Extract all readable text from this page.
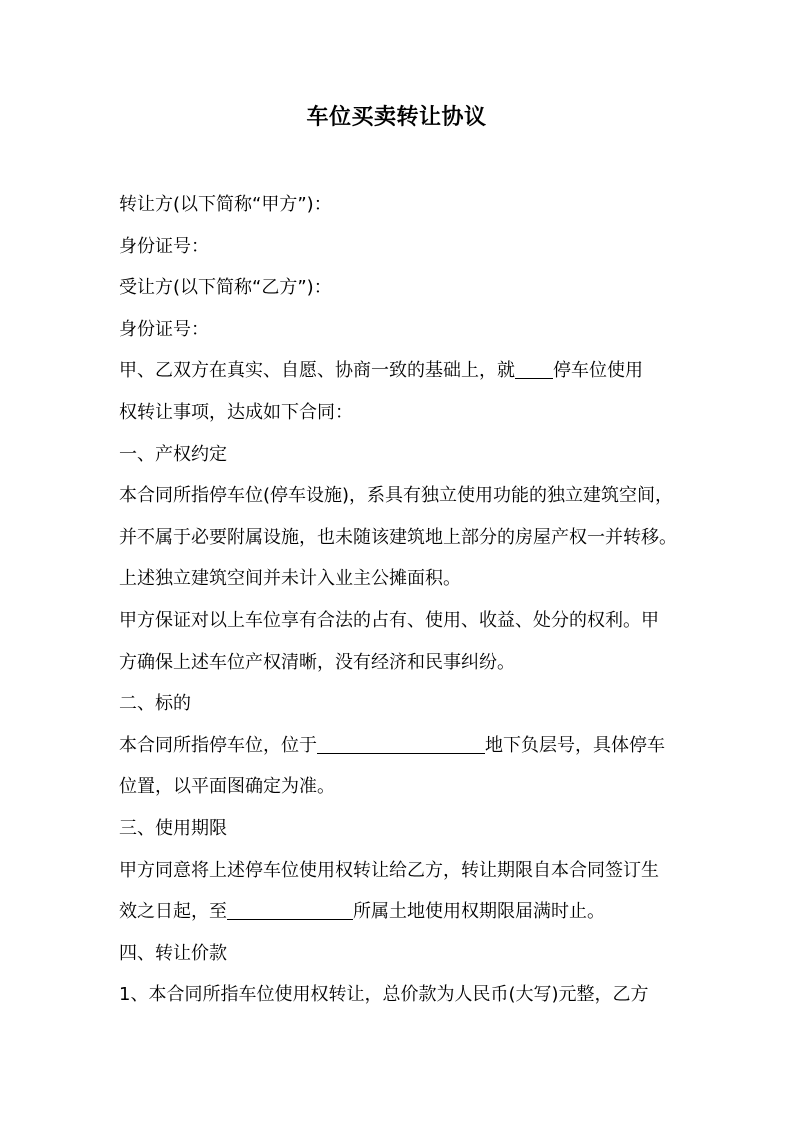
车位买卖转让协议
转让方(以下简称“甲方”)：
身份证号：
受让方(以下简称“乙方”)：
身份证号：
甲、乙双方在真实、自愿、协商一致的基础上，就 停车位使用
权转让事项，达成如下合同：
一、产权约定
本合同所指停车位(停车设施)，系具有独立使用功能的独立建筑空间，
并不属于必要附属设施，也未随该建筑地上部分的房屋产权一并转移。
上述独立建筑空间并未计入业主公摊面积。
甲方保证对以上车位享有合法的占有、使用、收益、处分的权利。甲
方确保上述车位产权清晰，没有经济和民事纠纷。
二、标的
本合同所指停车位，位于	地下负层号，具体停车
位置，以平面图确定为准。
三、使用期限
甲方同意将上述停车位使用权转让给乙方，转让期限自本合同签订生
效之日起，至	所属土地使用权期限届满时止。
四、转让价款
1、本合同所指车位使用权转让，总价款为人民币(大写)元整，乙方
